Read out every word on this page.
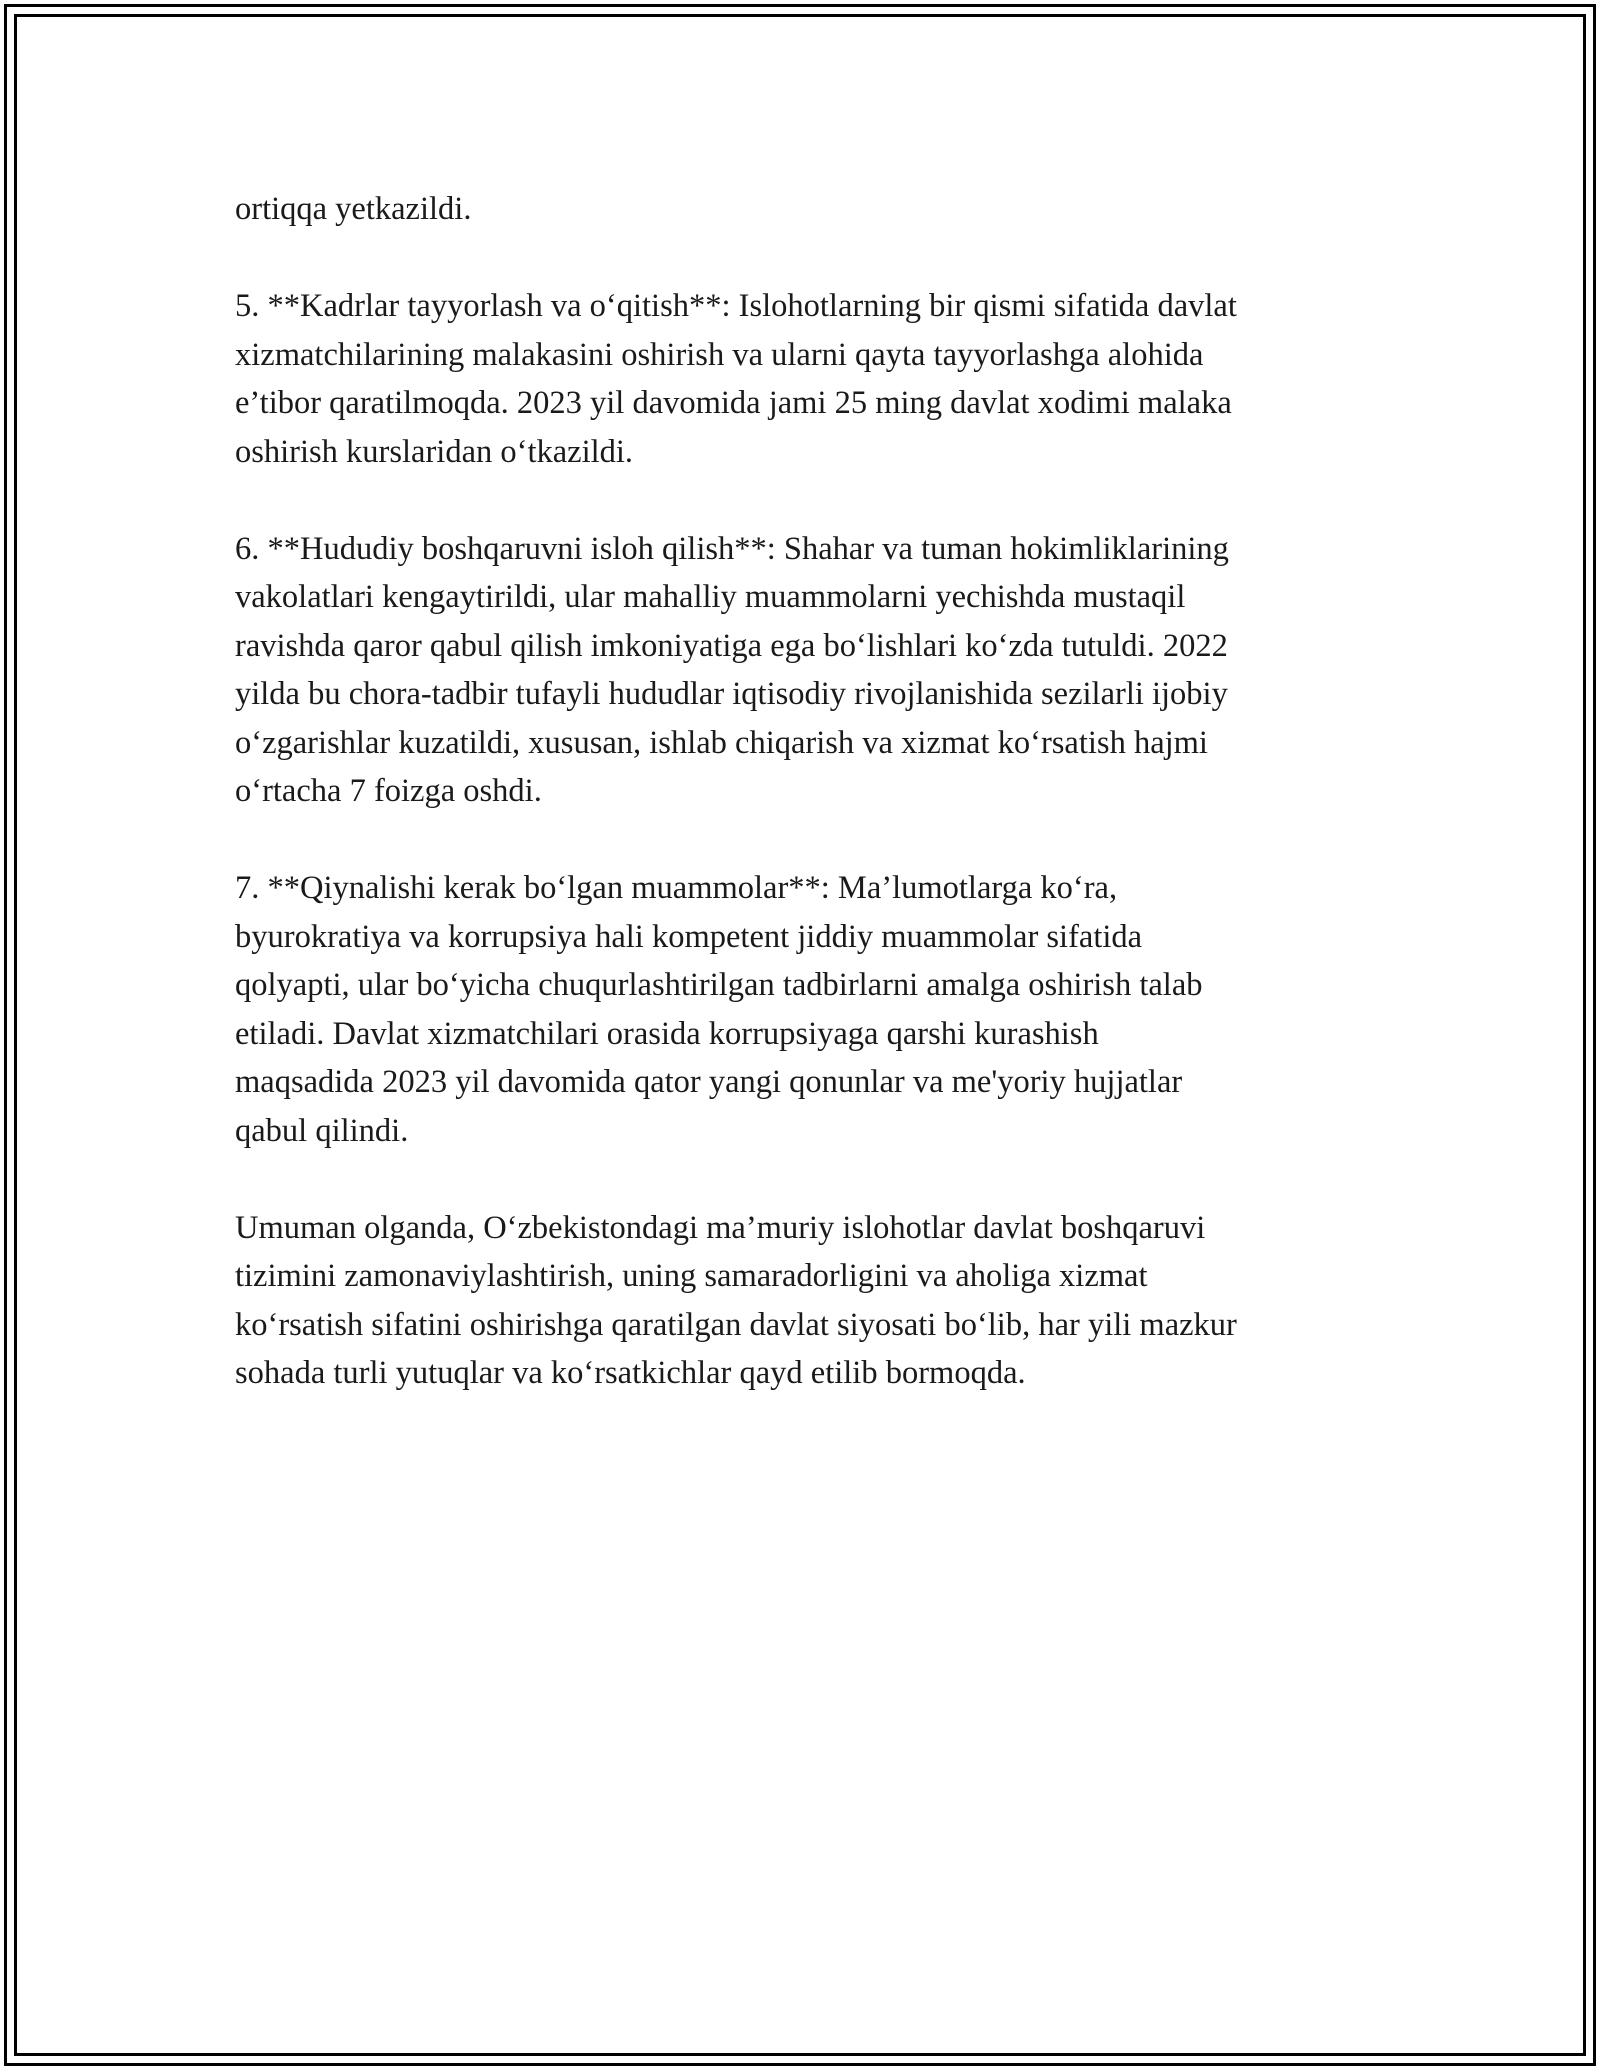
ortiqqa yetkazildi.

5. **Kadrlar tayyorlash va o‘qitish**: Islohotlarning bir qismi sifatida davlat
xizmatchilarining malakasini oshirish va ularni qayta tayyorlashga alohida
e’tibor qaratilmoqda. 2023 yil davomida jami 25 ming davlat xodimi malaka
oshirish kurslaridan o‘tkazildi.

6. **Hududiy boshqaruvni isloh qilish**: Shahar va tuman hokimliklarining
vakolatlari kengaytirildi, ular mahalliy muammolarni yechishda mustaqil
ravishda qaror qabul qilish imkoniyatiga ega bo‘lishlari ko‘zda tutuldi. 2022
yilda bu chora-tadbir tufayli hududlar iqtisodiy rivojlanishida sezilarli ijobiy
o‘zgarishlar kuzatildi, xususan, ishlab chiqarish va xizmat ko‘rsatish hajmi
o‘rtacha 7 foizga oshdi.

7. **Qiynalishi kerak bo‘lgan muammolar**: Ma’lumotlarga ko‘ra,
byurokratiya va korrupsiya hali kompetent jiddiy muammolar sifatida
qolyapti, ular bo‘yicha chuqurlashtirilgan tadbirlarni amalga oshirish talab
etiladi. Davlat xizmatchilari orasida korrupsiyaga qarshi kurashish
maqsadida 2023 yil davomida qator yangi qonunlar va me'yoriy hujjatlar
qabul qilindi.

Umuman olganda, O‘zbekistondagi ma’muriy islohotlar davlat boshqaruvi
tizimini zamonaviylashtirish, uning samaradorligini va aholiga xizmat
ko‘rsatish sifatini oshirishga qaratilgan davlat siyosati bo‘lib, har yili mazkur
sohada turli yutuqlar va ko‘rsatkichlar qayd etilib bormoqda.
